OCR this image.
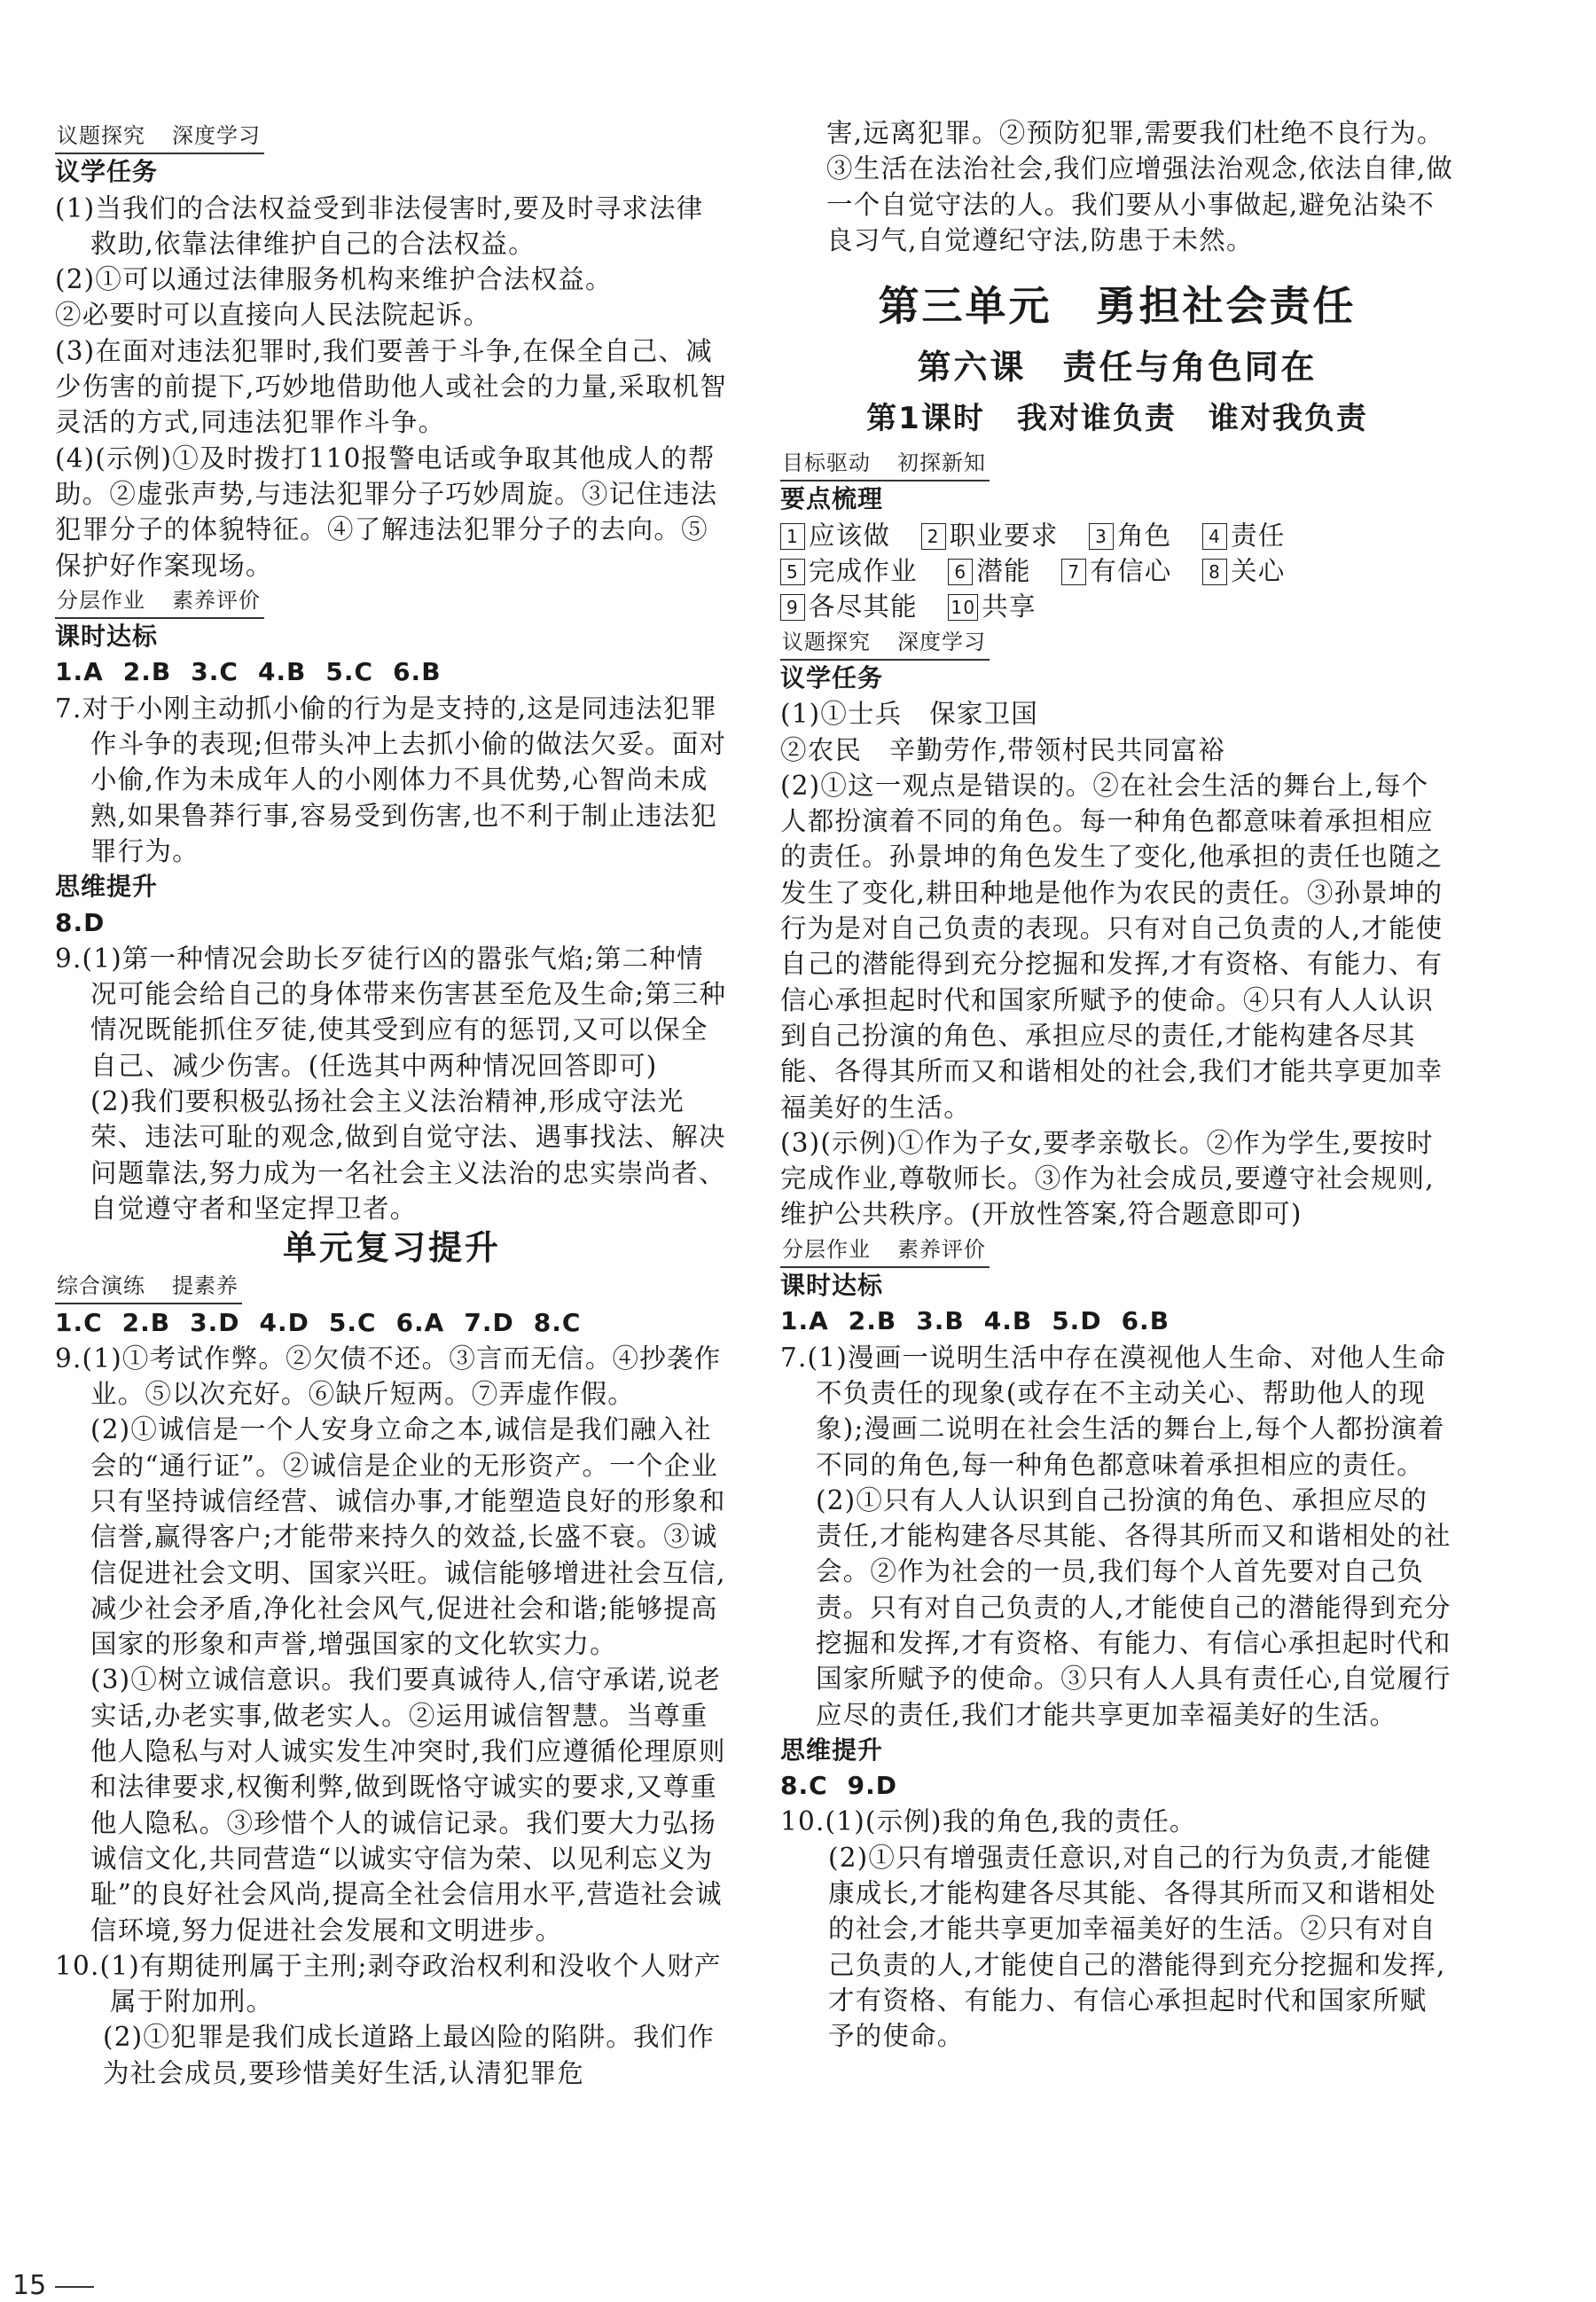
议题探究 深度学习

议学任务

(1)当我们的合法权益受到非法侵害时,要及时寻求法律救助,依靠法律维护自己的合法权益。

(2)①可以通过法律服务机构来维护合法权益。

②必要时可以直接向人民法院起诉。

(3)在面对违法犯罪时,我们要善于斗争,在保全自己、减少伤害的前提下,巧妙地借助他人或社会的力量,采取机智灵活的方式,同违法犯罪作斗争。

(4)(示例)①及时拨打110报警电话或争取其他成人的帮助。②虚张声势,与违法犯罪分子巧妙周旋。③记住违法犯罪分子的体貌特征。④了解违法犯罪分子的去向。⑤保护好作案现场。

分层作业 素养评价

课时达标

1.A 2.B 3.C 4.B 5.C 6.B

7.对于小刚主动抓小偷的行为是支持的,这是同违法犯罪作斗争的表现;但带头冲上去抓小偷的做法欠妥。面对小偷,作为未成年人的小刚体力不具优势,心智尚未成熟,如果鲁莽行事,容易受到伤害,也不利于制止违法犯罪行为。

思维提升

8.D

9.(1)第一种情况会助长歹徒行凶的嚣张气焰;第二种情况可能会给自己的身体带来伤害甚至危及生命;第三种情况既能抓住歹徒,使其受到应有的惩罚,又可以保全自己、减少伤害。(任选其中两种情况回答即可)

(2)我们要积极弘扬社会主义法治精神,形成守法光荣、违法可耻的观念,做到自觉守法、遇事找法、解决问题靠法,努力成为一名社会主义法治的忠实崇尚者、自觉遵守者和坚定捍卫者。

单元复习提升

综合演练 提素养

1.C 2.B 3.D 4.D 5.C 6.A 7.D 8.C

9.(1)①考试作弊。②欠债不还。③言而无信。④抄袭作业。⑤以次充好。⑥缺斤短两。⑦弄虚作假。

(2)①诚信是一个人安身立命之本,诚信是我们融入社会的“通行证”。②诚信是企业的无形资产。一个企业只有坚持诚信经营、诚信办事,才能塑造良好的形象和信誉,赢得客户;才能带来持久的效益,长盛不衰。③诚信促进社会文明、国家兴旺。诚信能够增进社会互信,减少社会矛盾,净化社会风气,促进社会和谐;能够提高国家的形象和声誉,增强国家的文化软实力。

(3)①树立诚信意识。我们要真诚待人,信守承诺,说老实话,办老实事,做老实人。②运用诚信智慧。当尊重他人隐私与对人诚实发生冲突时,我们应遵循伦理原则和法律要求,权衡利弊,做到既恪守诚实的要求,又尊重他人隐私。③珍惜个人的诚信记录。我们要大力弘扬诚信文化,共同营造“以诚实守信为荣、以见利忘义为耻”的良好社会风尚,提高全社会信用水平,营造社会诚信环境,努力促进社会发展和文明进步。

10.(1)有期徒刑属于主刑;剥夺政治权利和没收个人财产属于附加刑。

(2)①犯罪是我们成长道路上最凶险的陷阱。我们作为社会成员,要珍惜美好生活,认清犯罪危

害,远离犯罪。②预防犯罪,需要我们杜绝不良行为。③生活在法治社会,我们应增强法治观念,依法自律,做一个自觉守法的人。我们要从小事做起,避免沾染不良习气,自觉遵纪守法,防患于未然。

第三单元　勇担社会责任

第六课　责任与角色同在

第1课时　我对谁负责　谁对我负责

目标驱动 初探新知

要点梳理

1 应该做 2 职业要求 3 角色 4 责任 5 完成作业 6 潜能 7 有信心 8 关心 9 各尽其能 10 共享

议题探究 深度学习

议学任务

(1)①士兵　保家卫国

②农民　辛勤劳作,带领村民共同富裕

(2)①这一观点是错误的。②在社会生活的舞台上,每个人都扮演着不同的角色。每一种角色都意味着承担相应的责任。孙景坤的角色发生了变化,他承担的责任也随之发生了变化,耕田种地是他作为农民的责任。③孙景坤的行为是对自己负责的表现。只有对自己负责的人,才能使自己的潜能得到充分挖掘和发挥,才有资格、有能力、有信心承担起时代和国家所赋予的使命。④只有人人认识到自己扮演的角色、承担应尽的责任,才能构建各尽其能、各得其所而又和谐相处的社会,我们才能共享更加幸福美好的生活。

(3)(示例)①作为子女,要孝亲敬长。②作为学生,要按时完成作业,尊敬师长。③作为社会成员,要遵守社会规则,维护公共秩序。(开放性答案,符合题意即可)

分层作业 素养评价

课时达标

1.A 2.B 3.B 4.B 5.D 6.B

7.(1)漫画一说明生活中存在漠视他人生命、对他人生命不负责任的现象(或存在不主动关心、帮助他人的现象);漫画二说明在社会生活的舞台上,每个人都扮演着不同的角色,每一种角色都意味着承担相应的责任。

(2)①只有人人认识到自己扮演的角色、承担应尽的责任,才能构建各尽其能、各得其所而又和谐相处的社会。②作为社会的一员,我们每个人首先要对自己负责。只有对自己负责的人,才能使自己的潜能得到充分挖掘和发挥,才有资格、有能力、有信心承担起时代和国家所赋予的使命。③只有人人具有责任心,自觉履行应尽的责任,我们才能共享更加幸福美好的生活。

思维提升

8.C 9.D

10.(1)(示例)我的角色,我的责任。

(2)①只有增强责任意识,对自己的行为负责,才能健康成长,才能构建各尽其能、各得其所而又和谐相处的社会,才能共享更加幸福美好的生活。②只有对自己负责的人,才能使自己的潜能得到充分挖掘和发挥,才有资格、有能力、有信心承担起时代和国家所赋予的使命。

15
